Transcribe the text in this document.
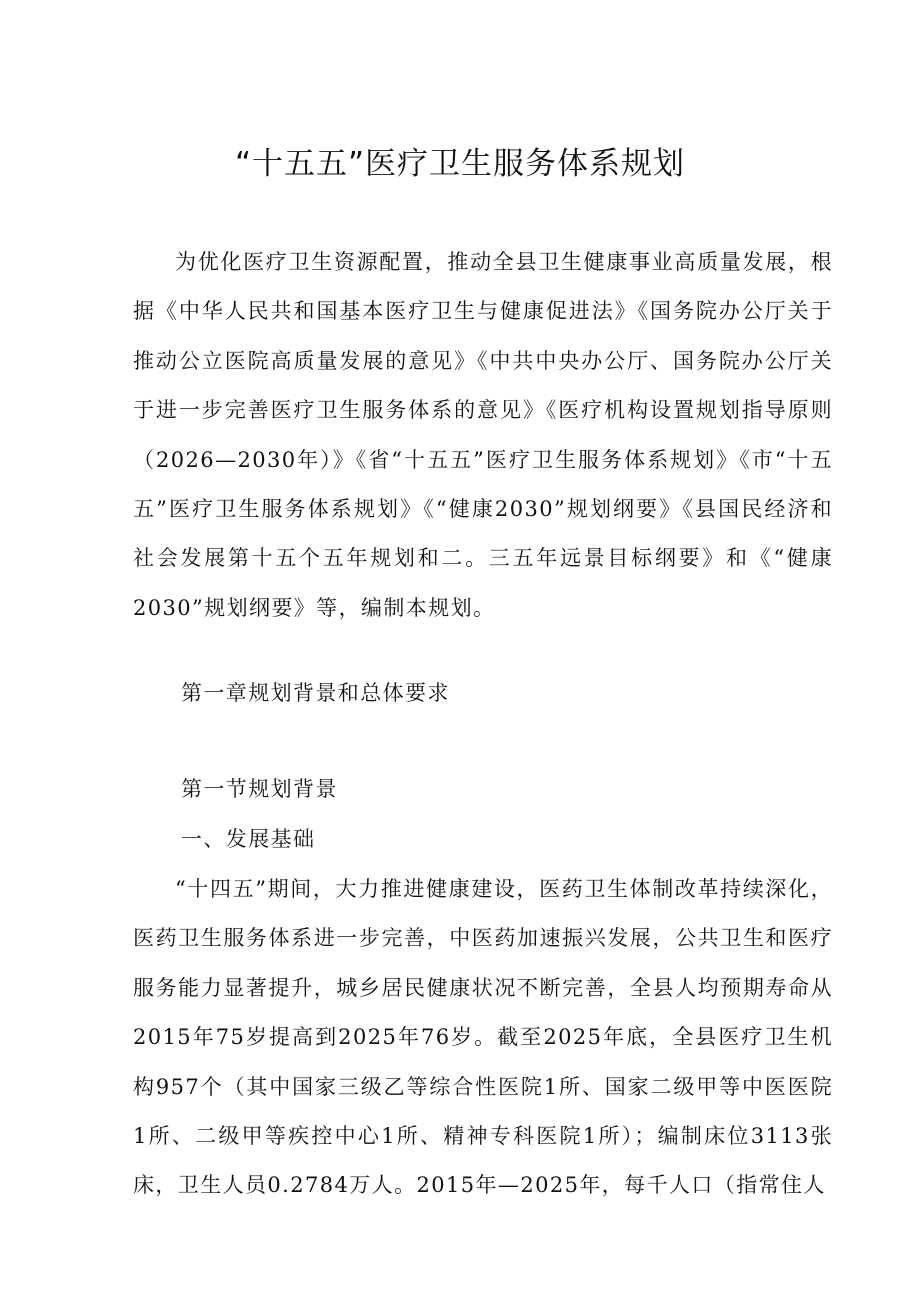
“十五五”医疗卫生服务体系规划

为优化医疗卫生资源配置，推动全县卫生健康事业高质量发展，根据《中华人民共和国基本医疗卫生与健康促进法》《国务院办公厅关于推动公立医院高质量发展的意见》《中共中央办公厅、国务院办公厅关于进一步完善医疗卫生服务体系的意见》《医疗机构设置规划指导原则（2026—2030年）》《省“十五五”医疗卫生服务体系规划》《市“十五五”医疗卫生服务体系规划》《“健康2030”规划纲要》《县国民经济和社会发展第十五个五年规划和二。三五年远景目标纲要》和《“健康2030”规划纲要》等，编制本规划。

第一章规划背景和总体要求
第一节规划背景
一、发展基础

“十四五”期间，大力推进健康建设，医药卫生体制改革持续深化，医药卫生服务体系进一步完善，中医药加速振兴发展，公共卫生和医疗服务能力显著提升，城乡居民健康状况不断完善，全县人均预期寿命从2015年75岁提高到2025年76岁。截至2025年底，全县医疗卫生机构957个（其中国家三级乙等综合性医院1所、国家二级甲等中医医院1所、二级甲等疾控中心1所、精神专科医院1所）；编制床位3113张床，卫生人员0.2784万人。2015年—2025年，每千人口（指常住人
